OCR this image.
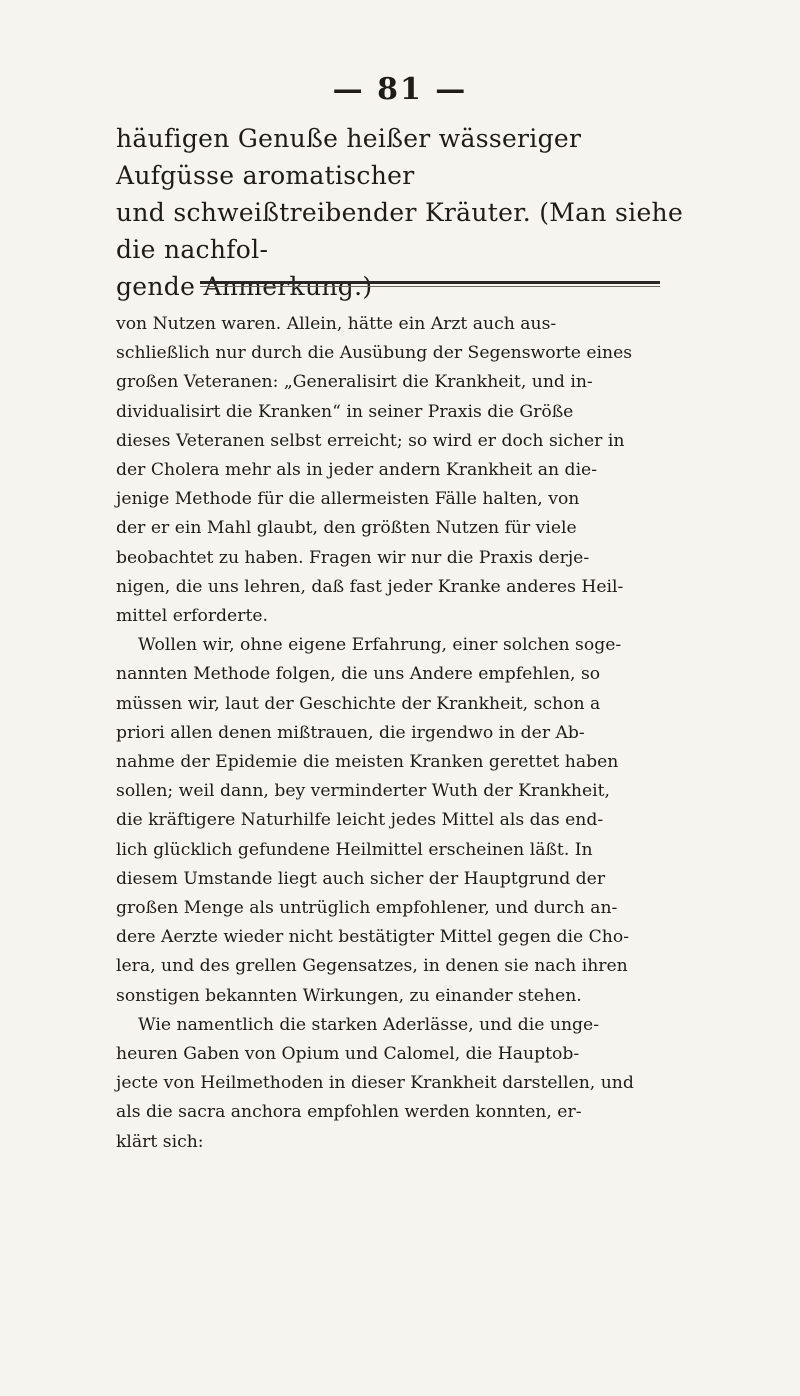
— 81 —
häufigen Genuße heißer wässeriger Aufgüsse aromatischer
und schweißtreibender Kräuter. (Man siehe die nachfol-
gende Anmerkung.)

von Nutzen waren. Allein, hätte ein Arzt auch aus-
schließlich nur durch die Ausübung der Segensworte eines
großen Veteranen: „Generalisirt die Krankheit, und in-
dividualisirt die Kranken“ in seiner Praxis die Größe
dieses Veteranen selbst erreicht; so wird er doch sicher in
der Cholera mehr als in jeder andern Krankheit an die-
jenige Methode für die allermeisten Fälle halten, von
der er ein Mahl glaubt, den größten Nutzen für viele
beobachtet zu haben. Fragen wir nur die Praxis derje-
nigen, die uns lehren, daß fast jeder Kranke anderes Heil-
mittel erforderte.

Wollen wir, ohne eigene Erfahrung, einer solchen soge-
nannten Methode folgen, die uns Andere empfehlen, so
müssen wir, laut der Geschichte der Krankheit, schon a
priori allen denen mißtrauen, die irgendwo in der Ab-
nahme der Epidemie die meisten Kranken gerettet haben
sollen; weil dann, bey verminderter Wuth der Krankheit,
die kräftigere Naturhilfe leicht jedes Mittel als das end-
lich glücklich gefundene Heilmittel erscheinen läßt. In
diesem Umstande liegt auch sicher der Hauptgrund der
großen Menge als untrüglich empfohlener, und durch an-
dere Aerzte wieder nicht bestätigter Mittel gegen die Cho-
lera, und des grellen Gegensatzes, in denen sie nach ihren
sonstigen bekannten Wirkungen, zu einander stehen.

Wie namentlich die starken Aderlässe, und die unge-
heuren Gaben von Opium und Calomel, die Hauptob-
jecte von Heilmethoden in dieser Krankheit darstellen, und
als die sacra anchora empfohlen werden konnten, er-
klärt sich:
